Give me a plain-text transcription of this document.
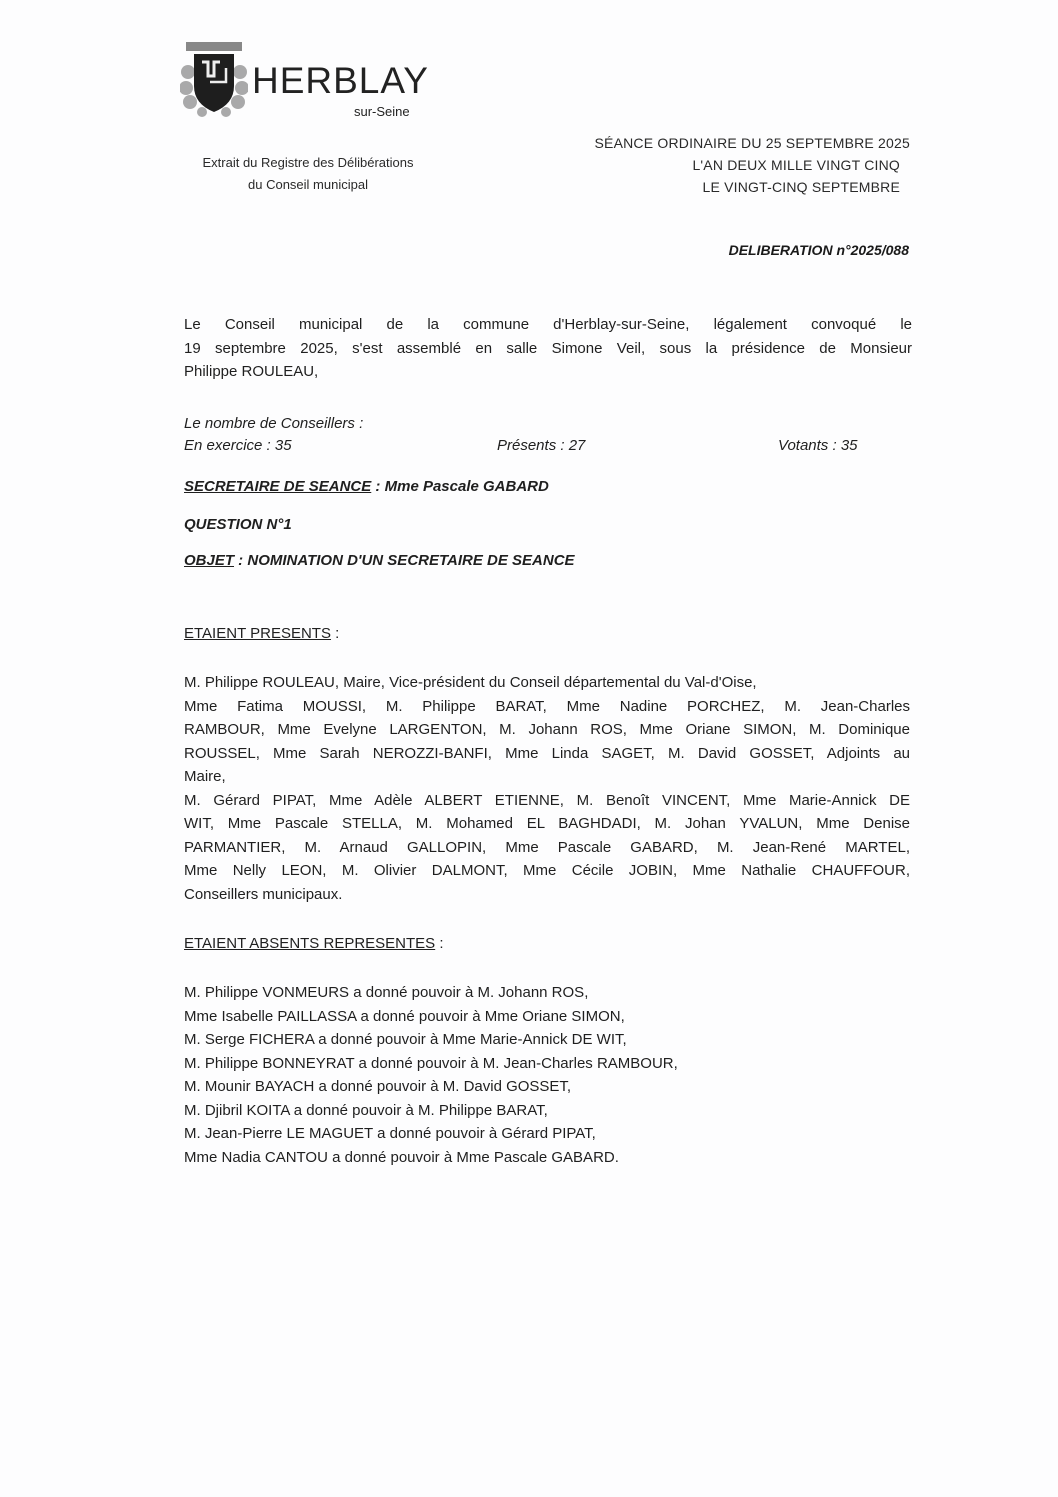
HERBLAY
sur-Seine
Extrait du Registre des Délibérations
du Conseil municipal
SÉANCE ORDINAIRE DU 25 SEPTEMBRE 2025
L'AN DEUX MILLE VINGT CINQ
LE VINGT-CINQ SEPTEMBRE
DELIBERATION n°2025/088
Le Conseil municipal de la commune d'Herblay-sur-Seine, légalement convoqué le
19 septembre 2025, s'est assemblé en salle Simone Veil, sous la présidence de Monsieur
Philippe ROULEAU,
Le nombre de Conseillers :
En exercice : 35	Présents : 27	Votants : 35
SECRETAIRE DE SEANCE : Mme Pascale GABARD
QUESTION N°1
OBJET : NOMINATION D'UN SECRETAIRE DE SEANCE
ETAIENT PRESENTS :
M. Philippe ROULEAU, Maire, Vice-président du Conseil départemental du Val-d'Oise,
Mme Fatima MOUSSI, M. Philippe BARAT, Mme Nadine PORCHEZ, M. Jean-Charles
RAMBOUR, Mme Evelyne LARGENTON, M. Johann ROS, Mme Oriane SIMON, M. Dominique
ROUSSEL, Mme Sarah NEROZZI-BANFI, Mme Linda SAGET, M. David GOSSET, Adjoints au
Maire,
M. Gérard PIPAT, Mme Adèle ALBERT ETIENNE, M. Benoît VINCENT, Mme Marie-Annick DE
WIT, Mme Pascale STELLA, M. Mohamed EL BAGHDADI, M. Johan YVALUN, Mme Denise
PARMANTIER, M. Arnaud GALLOPIN, Mme Pascale GABARD, M. Jean-René MARTEL,
Mme Nelly LEON, M. Olivier DALMONT, Mme Cécile JOBIN, Mme Nathalie CHAUFFOUR,
Conseillers municipaux.
ETAIENT ABSENTS REPRESENTES :
M. Philippe VONMEURS a donné pouvoir à M. Johann ROS,
Mme Isabelle PAILLASSA a donné pouvoir à Mme Oriane SIMON,
M. Serge FICHERA a donné pouvoir à Mme Marie-Annick DE WIT,
M. Philippe BONNEYRAT a donné pouvoir à M. Jean-Charles RAMBOUR,
M. Mounir BAYACH a donné pouvoir à M. David GOSSET,
M. Djibril KOITA a donné pouvoir à M. Philippe BARAT,
M. Jean-Pierre LE MAGUET a donné pouvoir à Gérard PIPAT,
Mme Nadia CANTOU a donné pouvoir à Mme Pascale GABARD.
